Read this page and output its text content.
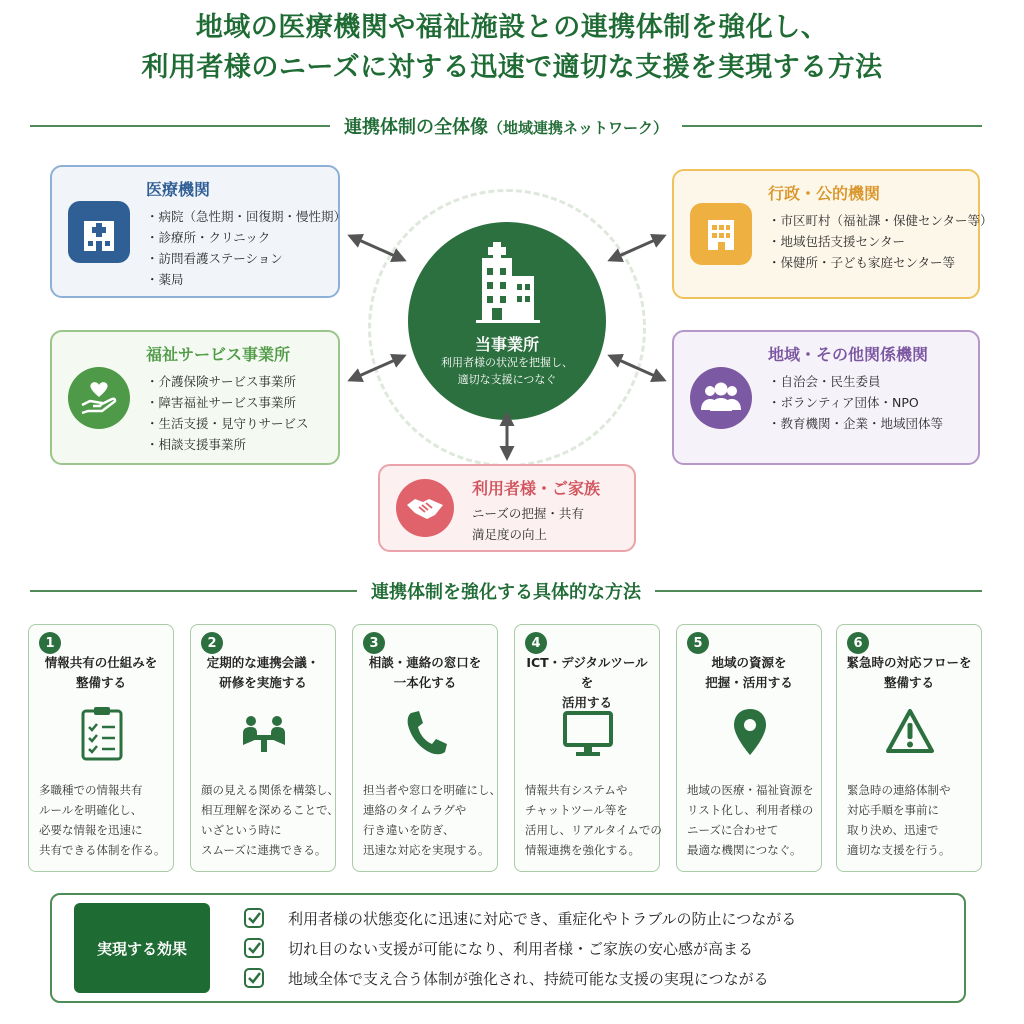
地域の医療機関や福祉施設との連携体制を強化し、
利用者様のニーズに対する迅速で適切な支援を実現する方法
連携体制の全体像（地域連携ネットワーク）
当事業所
利用者様の状況を把握し、
適切な支援につなぐ
医療機関
・ 病院（急性期・回復期・慢性期）
・ 診療所・クリニック
・ 訪問看護ステーション
・ 薬局
行政・公的機関
・ 市区町村（福祉課・保健センター等）
・ 地域包括支援センター
・ 保健所・子ども家庭センター等
福祉サービス事業所
・ 介護保険サービス事業所
・ 障害福祉サービス事業所
・ 生活支援・見守りサービス
・ 相談支援事業所
地域・その他関係機関
・ 自治会・民生委員
・ ボランティア団体・NPO
・ 教育機関・企業・地域団体等
利用者様・ご家族
ニーズの把握・共有
満足度の向上
連携体制を強化する具体的な方法
1
情報共有の仕組みを
整備する
多職種での情報共有
ルールを明確化し、
必要な情報を迅速に
共有できる体制を作る。
2
定期的な連携会議・
研修を実施する
顔の見える関係を構築し、
相互理解を深めることで、
いざという時に
スムーズに連携できる。
3
相談・連絡の窓口を
一本化する
担当者や窓口を明確にし、
連絡のタイムラグや
行き違いを防ぎ、
迅速な対応を実現する。
4
ICT・デジタルツールを
活用する
情報共有システムや
チャットツール等を
活用し、リアルタイムでの
情報連携を強化する。
5
地域の資源を
把握・活用する
地域の医療・福祉資源を
リスト化し、利用者様の
ニーズに合わせて
最適な機関につなぐ。
6
緊急時の対応フローを
整備する
緊急時の連絡体制や
対応手順を事前に
取り決め、迅速で
適切な支援を行う。
実現する効果
利用者様の状態変化に迅速に対応でき、重症化やトラブルの防止につながる
切れ目のない支援が可能になり、利用者様・ご家族の安心感が高まる
地域全体で支え合う体制が強化され、持続可能な支援の実現につながる
